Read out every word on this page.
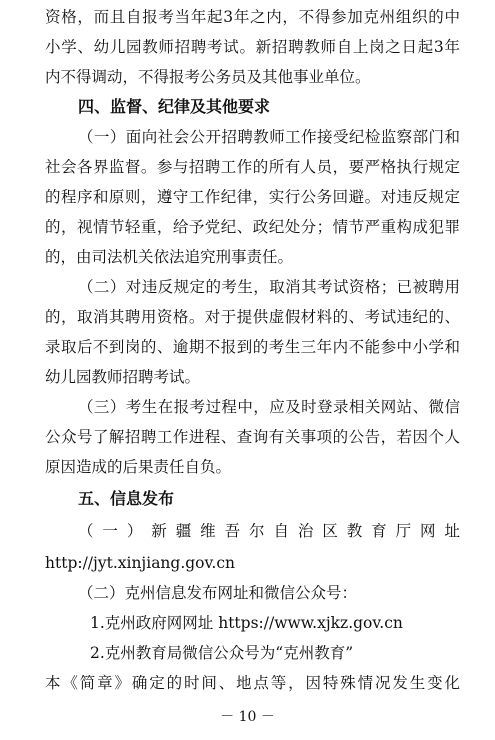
资格，而且自报考当年起3年之内，不得参加克州组织的中
小学、幼儿园教师招聘考试。新招聘教师自上岗之日起3年
内不得调动，不得报考公务员及其他事业单位。
四、监督、纪律及其他要求
（一）面向社会公开招聘教师工作接受纪检监察部门和
社会各界监督。参与招聘工作的所有人员，要严格执行规定
的程序和原则，遵守工作纪律，实行公务回避。对违反规定
的，视情节轻重，给予党纪、政纪处分；情节严重构成犯罪
的，由司法机关依法追究刑事责任。
（二）对违反规定的考生，取消其考试资格；已被聘用
的，取消其聘用资格。对于提供虚假材料的、考试违纪的、
录取后不到岗的、逾期不报到的考生三年内不能参中小学和
幼儿园教师招聘考试。
（三）考生在报考过程中，应及时登录相关网站、微信
公众号了解招聘工作进程、查询有关事项的公告，若因个人
原因造成的后果责任自负。
五、信息发布
（一）新疆维吾尔自治区教育厅网址
http://jyt.xinjiang.gov.cn
（二）克州信息发布网址和微信公众号：
1.克州政府网网址 https://www.xjkz.gov.cn
2.克州教育局微信公众号为“克州教育”
本《简章》确定的时间、地点等，因特殊情况发生变化
－ 10 －
